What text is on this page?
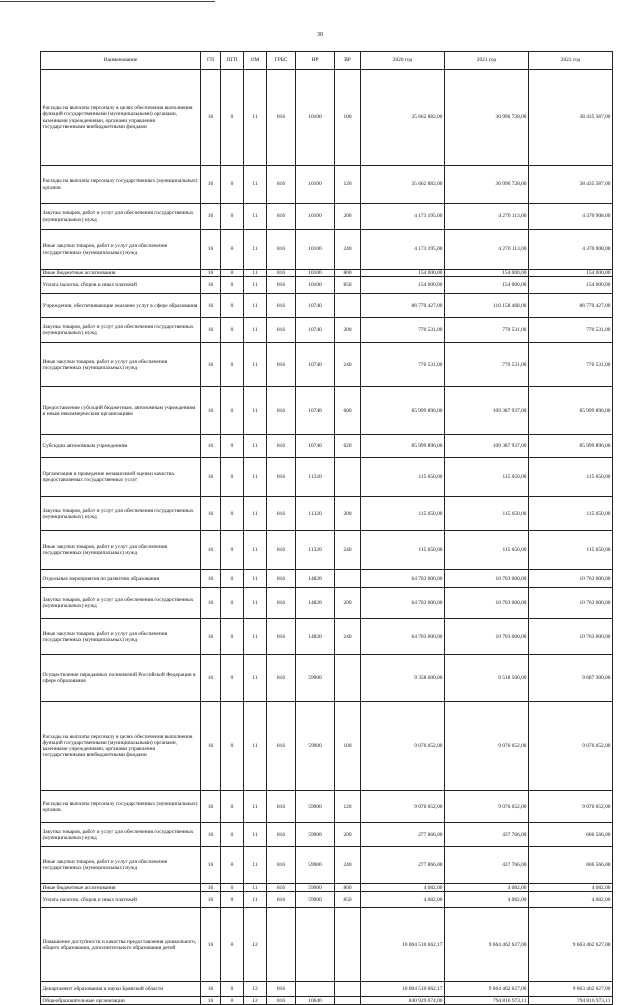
30
Наименование	ГП	ПГП	ОМ	ГРБС	НР	ВР	2020 год	2021 год	2022 год
Расходы на выплаты персоналу в целях обеспечения выполнения функций государственными (муниципальными) органами, казенными учреждениями, органами управления государственными внебюджетными фондами	16	0	11	816	10100	100	35 662 882,00	36 996 728,00	38 435 387,00
Расходы на выплаты персоналу государственных (муниципальных) органов	16	0	11	816	10100	120	35 662 882,00	36 996 728,00	38 435 387,00
Закупка товаров, работ и услуг для обеспечения государственных (муниципальных) нужд	16	0	11	816	10100	200	4 173 195,00	4 270 113,00	4 370 908,00
Иные закупки товаров, работ и услуг для обеспечения государственных (муниципальных) нужд	16	0	11	816	10100	240	4 173 195,00	4 270 113,00	4 370 908,00
Иные бюджетные ассигнования	16	0	11	816	10100	800	154 000,00	154 000,00	154 000,00
Уплата налогов, сборов и иных платежей	16	0	11	816	10100	850	154 000,00	154 000,00	154 000,00
Учреждения, обеспечивающие оказание услуг в сфере образования	16	0	11	816	10740		86 770 427,00	110 158 468,00	86 770 427,00
Закупка товаров, работ и услуг для обеспечения государственных (муниципальных) нужд	16	0	11	816	10740	200	770 531,00	770 531,00	770 531,00
Иные закупки товаров, работ и услуг для обеспечения государственных (муниципальных) нужд	16	0	11	816	10740	240	770 531,00	770 531,00	770 531,00
Предоставление субсидий бюджетным, автономным учреждениям и иным некоммерческим организациям	16	0	11	816	10740	600	85 999 896,00	109 387 937,00	85 999 896,00
Субсидии автономным учреждениям	16	0	11	816	10740	620	85 999 896,00	109 387 937,00	85 999 896,00
Организация и проведение независимой оценки качества предоставляемых государственных услуг	16	0	11	816	11320		115 650,00	115 650,00	115 650,00
Закупка товаров, работ и услуг для обеспечения государственных (муниципальных) нужд	16	0	11	816	11320	200	115 650,00	115 650,00	115 650,00
Иные закупки товаров, работ и услуг для обеспечения государственных (муниципальных) нужд	16	0	11	816	11320	240	115 650,00	115 650,00	115 650,00
Отдельные мероприятия по развитию образования	16	0	11	816	14820		64 703 000,00	10 703 000,00	10 703 000,00
Закупка товаров, работ и услуг для обеспечения государственных (муниципальных) нужд	16	0	11	816	14820	200	64 703 000,00	10 703 000,00	10 703 000,00
Иные закупки товаров, работ и услуг для обеспечения государственных (муниципальных) нужд	16	0	11	816	14820	240	64 703 000,00	10 703 000,00	10 703 000,00
Осуществление переданных полномочий Российской Федерации в сфере образования	16	0	11	816	59900		9 358 600,00	9 518 500,00	9 687 300,00
Расходы на выплаты персоналу в целях обеспечения выполнения функций государственными (муниципальными) органами, казенными учреждениями, органами управления государственными внебюджетными фондами	16	0	11	816	59900	100	9 076 652,00	9 076 652,00	9 076 652,00
Расходы на выплаты персоналу государственных (муниципальных) органов	16	0	11	816	59900	120	9 076 652,00	9 076 652,00	9 076 652,00
Закупка товаров, работ и услуг для обеспечения государственных (муниципальных) нужд	16	0	11	816	59900	200	277 866,00	437 766,00	606 566,00
Иные закупки товаров, работ и услуг для обеспечения государственных (муниципальных) нужд	16	0	11	816	59900	240	277 866,00	437 766,00	606 566,00
Иные бюджетные ассигнования	16	0	11	816	59900	800	4 082,00	4 082,00	4 082,00
Уплата налогов, сборов и иных платежей	16	0	11	816	59900	850	4 082,00	4 082,00	4 082,00
Повышение доступности и качества предоставления дошкольного, общего образования, дополнительного образования детей	16	0	12				10 004 510 662,17	9 664 462 627,00	9 663 462 627,00
Департамент образования и науки Брянской области	16	0	12	816			10 004 510 662,17	9 664 462 627,00	9 663 462 627,00
Общеобразовательные организации	16	0	12	816	10640		840 929 074,00	794 816 973,11	794 816 973,11
